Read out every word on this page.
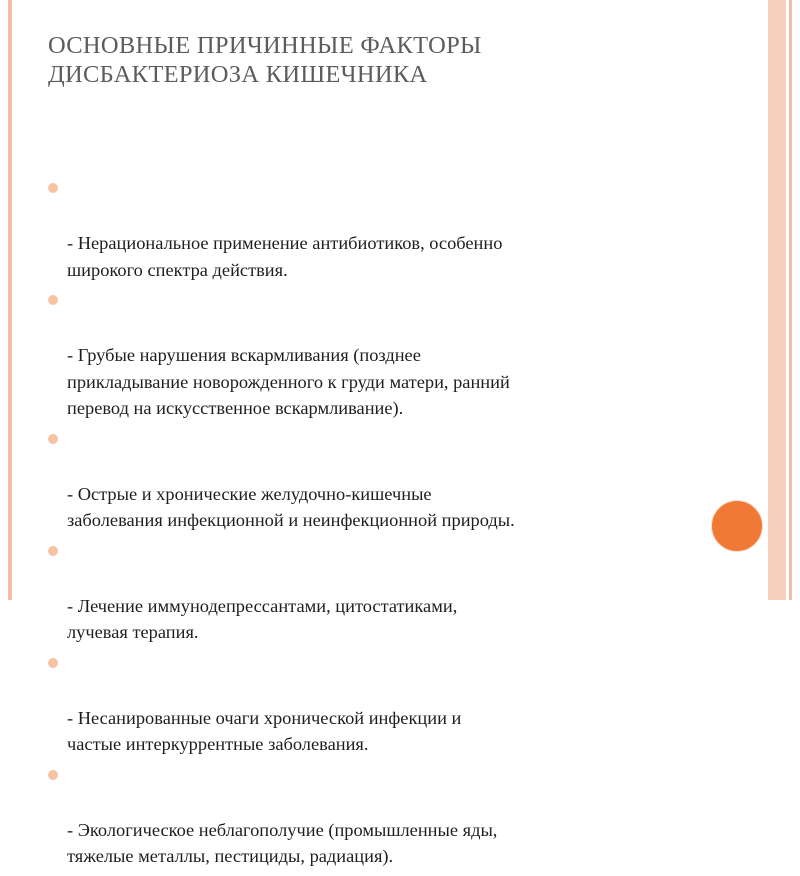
ОСНОВНЫЕ ПРИЧИННЫЕ ФАКТОРЫ
ДИСБАКТЕРИОЗА КИШЕЧНИКА

- Нерациональное применение антибиотиков, особенно
широкого спектра действия.

- Грубые нарушения вскармливания (позднее
прикладывание новорожденного к груди матери, ранний
перевод на искусственное вскармливание).

- Острые и хронические желудочно-кишечные
заболевания инфекционной и неинфекционной природы.

- Лечение иммунодепрессантами, цитостатиками,
лучевая терапия.

- Несанированные очаги хронической инфекции и
частые интеркуррентные заболевания.

- Экологическое неблагополучие (промышленные яды,
тяжелые металлы, пестициды, радиация).
